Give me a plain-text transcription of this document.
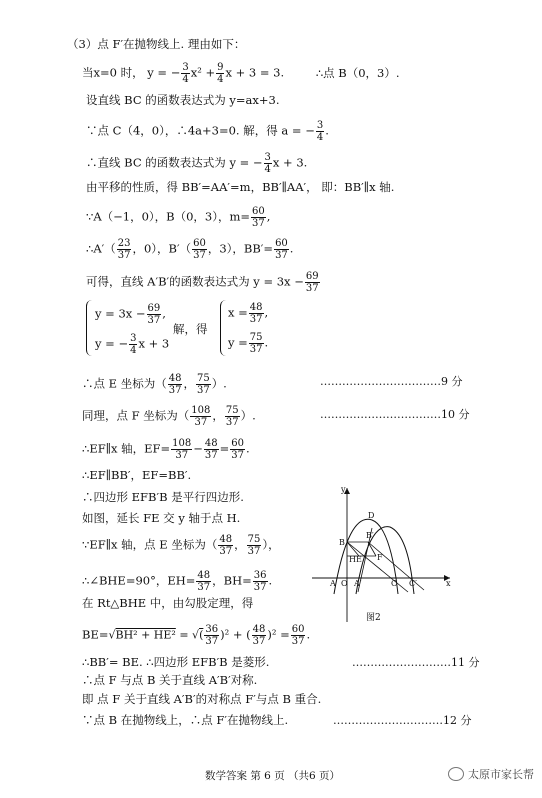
（3）点 F′在抛物线上. 理由如下：
当x=0 时， y = − $\frac{3}{4} x^2 + \frac{9}{4}$ x + 3 = 3.	∴点 B（0，3）.
设直线 BC 的函数表达式为 y=ax+3.
∵点 C（4，0），∴4a+3=0. 解，得 a = − $\frac{3}{4}$ .
∴直线 BC 的函数表达式为 y = − $\frac{3}{4}$ x + 3.
由平移的性质，得 BB′=AA′=m，BB′∥AA′， 即：BB′∥x 轴.
∵A（−1，0），B（0，3），$m= \frac{60}{37}$ ,
∴A′（ $\frac{23}{37}$ ，0），$B'( \frac{60}{37}$ ，3），$BB'= \frac{60}{37}$ .
可得，直线 A′B′的函数表达式为 $y = 3x - \frac{69}{37}$
$y = 3x - \frac{69}{37}$ ,
y = − $\frac{3}{4}$ x + 3
解，得
$x = \frac{48}{37}$ ,
$y = \frac{75}{37}$ .
∴点 E 坐标为（ $\frac{48}{37}$ ， $\frac{75}{37}$ ）.	……………………………9 分
同理，点 F 坐标为（ $\frac{108}{37}$ ， $\frac{75}{37}$ ）.	……………………………10 分
∴EF∥x 轴，$EF= \frac{108}{37} - \frac{48}{37} = \frac{60}{37}$ .
∴EF∥BB′，EF=BB′.
∴四边形 EFB′B 是平行四边形.
如图，延长 FE 交 y 轴于点 H.
∵EF∥x 轴，点 E 坐标为（ $\frac{48}{37}$ ， $\frac{75}{37}$ ），
∴∠BHE=90°，$EH= \frac{48}{37}$ ，$BH= \frac{36}{37}$ .
在 Rt△BHE 中，由勾股定理，得
BE=√BH² + HE² = √( $\frac{36}{37} )^2$ + ( $\frac{48}{37} )^2 = \frac{60}{37}$ .
∴BB′= BE. ∴四边形 EFB′B 是菱形.	………………………11 分
∴点 F 与点 B 关于直线 A′B′对称.
即 点 F 关于直线 A′B′的对称点 F′与点 B 重合.
∵点 B 在抛物线上，∴点 F′在抛物线上.	…………………………12 分
y
D
B
B′
H E F
O A′	C C′
A	x
图2
数学答案 第 6 页 （共6 页）	太原市家长帮
